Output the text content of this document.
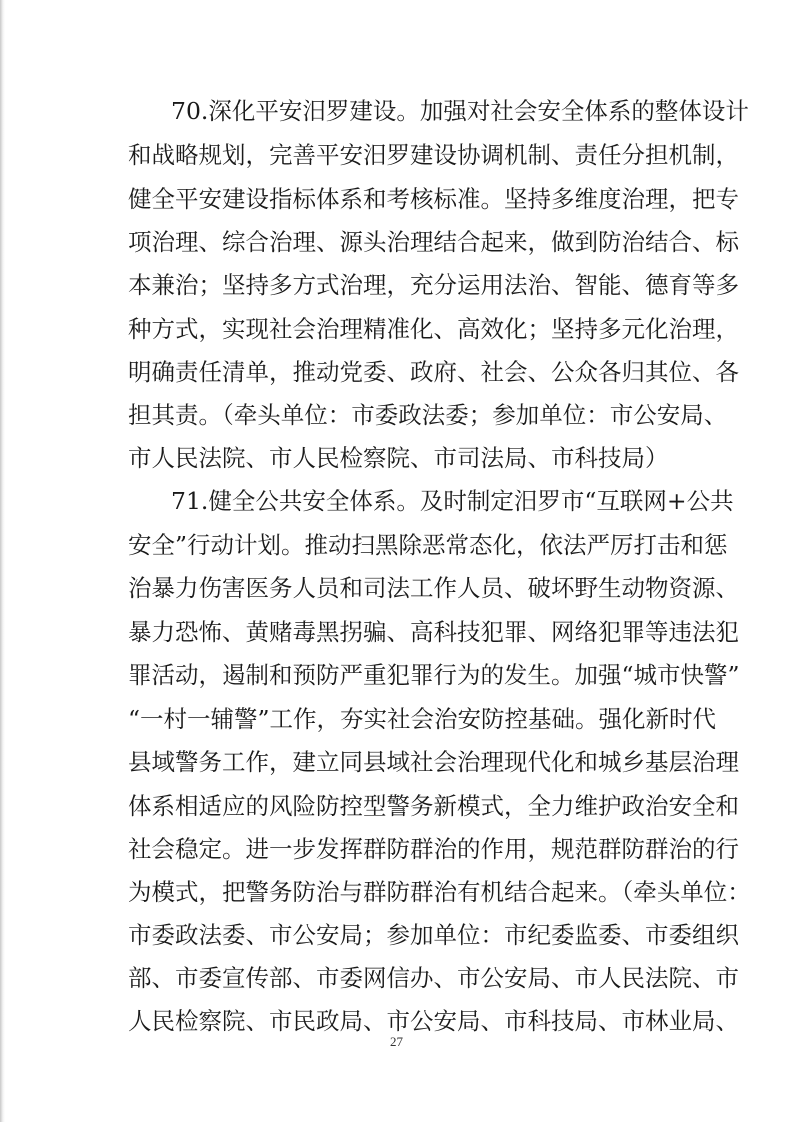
70.深化平安汨罗建设。加强对社会安全体系的整体设计
和战略规划，完善平安汨罗建设协调机制、责任分担机制，
健全平安建设指标体系和考核标准。坚持多维度治理，把专
项治理、综合治理、源头治理结合起来，做到防治结合、标
本兼治；坚持多方式治理，充分运用法治、智能、德育等多
种方式，实现社会治理精准化、高效化；坚持多元化治理，
明确责任清单，推动党委、政府、社会、公众各归其位、各
担其责。（牵头单位：市委政法委；参加单位：市公安局、
市人民法院、市人民检察院、市司法局、市科技局）
71.健全公共安全体系。及时制定汨罗市“互联网+公共
安全”行动计划。推动扫黑除恶常态化，依法严厉打击和惩
治暴力伤害医务人员和司法工作人员、破坏野生动物资源、
暴力恐怖、黄赌毒黑拐骗、高科技犯罪、网络犯罪等违法犯
罪活动，遏制和预防严重犯罪行为的发生。加强“城市快警”
“一村一辅警”工作，夯实社会治安防控基础。强化新时代
县域警务工作，建立同县域社会治理现代化和城乡基层治理
体系相适应的风险防控型警务新模式，全力维护政治安全和
社会稳定。进一步发挥群防群治的作用，规范群防群治的行
为模式，把警务防治与群防群治有机结合起来。（牵头单位：
市委政法委、市公安局；参加单位：市纪委监委、市委组织
部、市委宣传部、市委网信办、市公安局、市人民法院、市
人民检察院、市民政局、市公安局、市科技局、市林业局、
27
